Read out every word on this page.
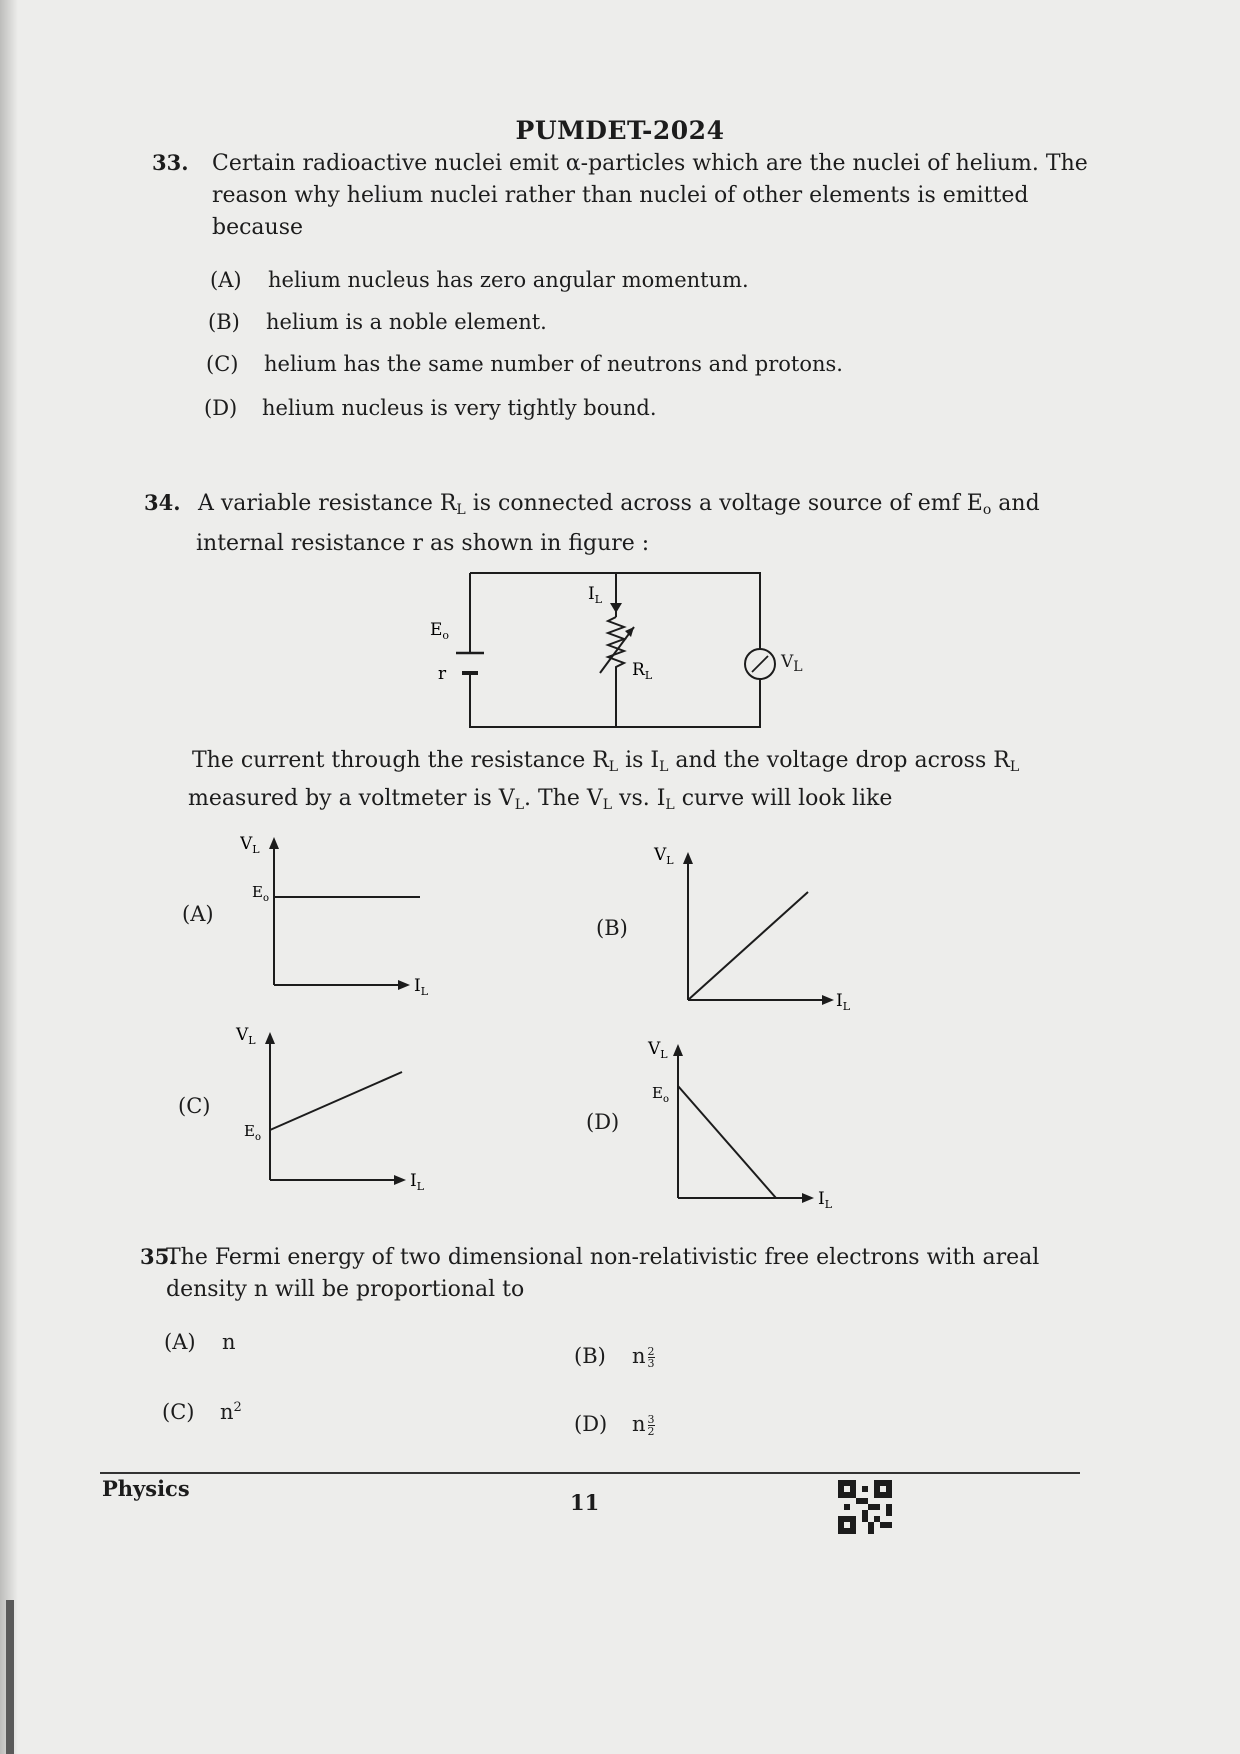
PUMDET-2024
33. Certain radioactive nuclei emit α-particles which are the nuclei of helium. The reason why helium nuclei rather than nuclei of other elements is emitted because
(A) helium nucleus has zero angular momentum.
(B) helium is a noble element.
(C) helium has the same number of neutrons and protons.
(D) helium nucleus is very tightly bound.
34. A variable resistance $R_L$ is connected across a voltage source of emf $E_o$ and
internal resistance r as shown in figure :
$E_o$
r
$I_L$
$R_L$
$V_L$
The current through the resistance $R_L$ is $I_L$ and the voltage drop across $R_L$
measured by a voltmeter is $V_L$. The $V_L$ vs. $I_L$ curve will look like
(A)
$V_L$
$E_o$
$I_L$
(B)
$V_L$
$I_L$
(C)
$V_L$
$E_o$
$I_L$
(D)
$V_L$
$E_o$
$I_L$
35.
The Fermi energy of two dimensional non-relativistic free electrons with areal density n will be proportional to
(A) n
(B) n $\frac{2}{3}$
(C) $n^2$
(D) n $\frac{3}{2}$
Physics
11
